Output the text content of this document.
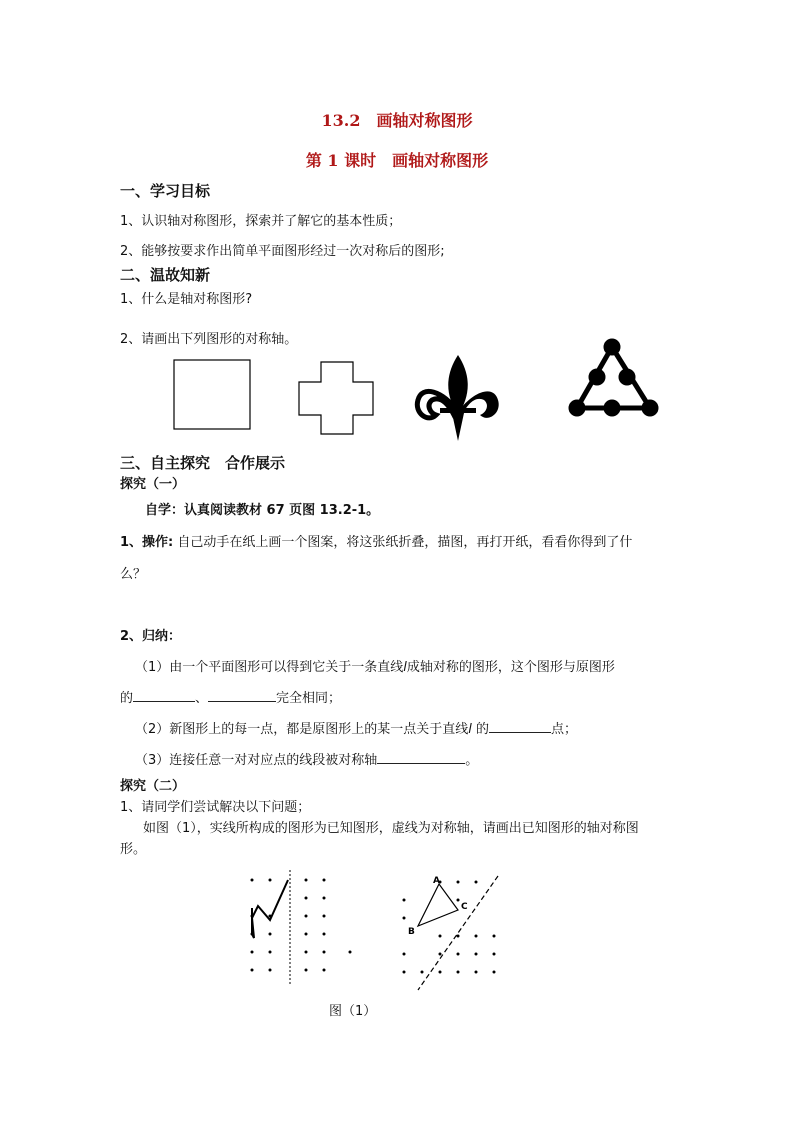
13.2　画轴对称图形
第 1 课时　画轴对称图形
一、学习目标
1、认识轴对称图形，探索并了解它的基本性质；
2、能够按要求作出简单平面图形经过一次对称后的图形;
二、温故知新
1、什么是轴对称图形?
2、请画出下列图形的对称轴。
三、自主探究　合作展示
探究（一）
自学：认真阅读教材 67 页图 13.2-1。
1、操作: 自己动手在纸上画一个图案，将这张纸折叠，描图，再打开纸，看看你得到了什
么？
2、归纳：
（1）由一个平面图形可以得到它关于一条直线l成轴对称的图形，这个图形与原图形
的	、	完全相同；
（2）新图形上的每一点，都是原图形上的某一点关于直线l 的	点；
（3）连接任意一对对应点的线段被对称轴	。
探究（二）
1、请同学们尝试解决以下问题；
如图（1），实线所构成的图形为已知图形，虚线为对称轴，请画出已知图形的轴对称图
形。
A
B
C
图（1）
